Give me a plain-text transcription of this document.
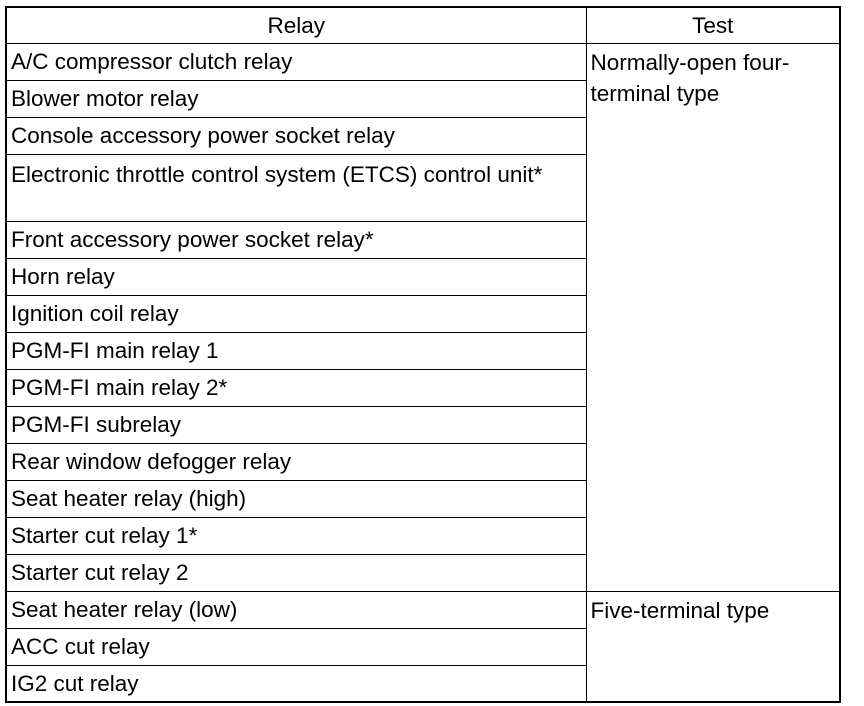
Relay	Test
A/C compressor clutch relay	Normally-open four-terminal type
Blower motor relay	
Console accessory power socket relay	
Electronic throttle control system (ETCS) control unit*	
Front accessory power socket relay*	
Horn relay	
Ignition coil relay	
PGM-FI main relay 1	
PGM-FI main relay 2*	
PGM-FI subrelay	
Rear window defogger relay	
Seat heater relay (high)	
Starter cut relay 1*	
Starter cut relay 2	
Seat heater relay (low)	Five-terminal type
ACC cut relay	
IG2 cut relay	
